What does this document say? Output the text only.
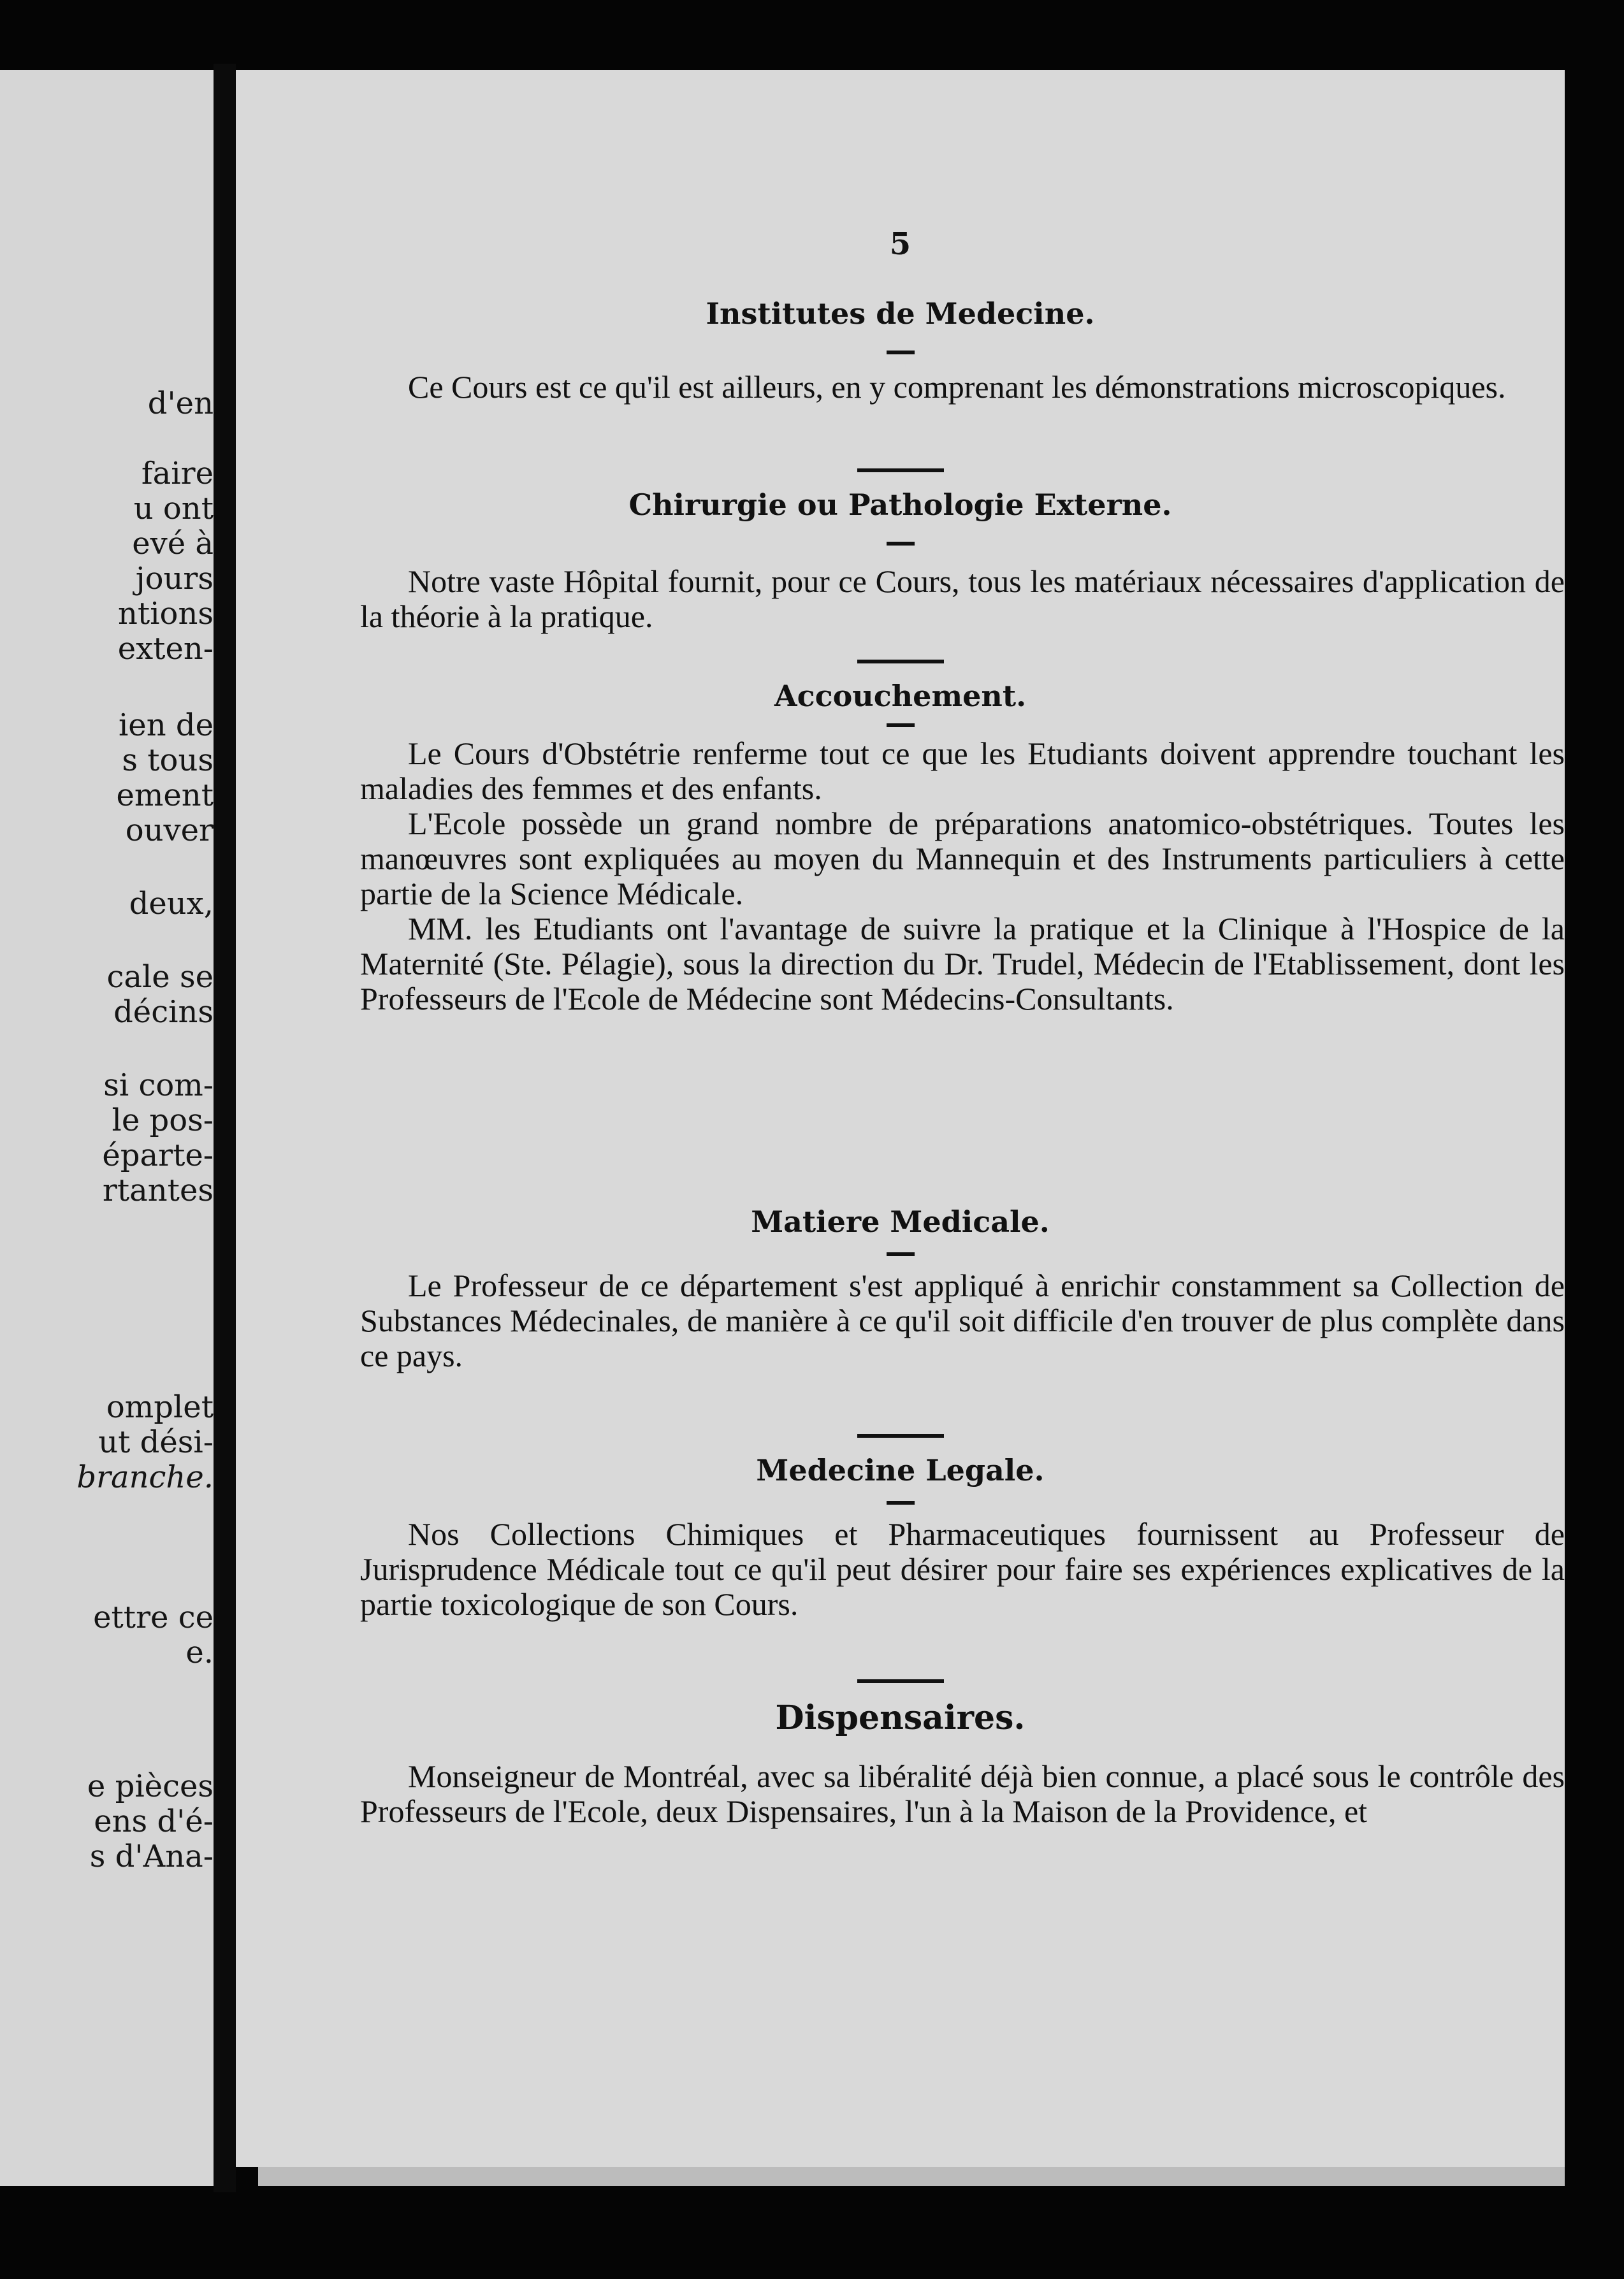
d'en
faire
u ont
evé à
jours
ntions
exten-
ien de
s tous
ement
ouver
deux,
cale se
décins
si com-
le pos-
éparte-
rtantes
omplet
ut dési-
branche.
ettre ce
e.
e pièces
ens d'é-
s d'Ana-
5
Institutes de Medecine.

Ce Cours est ce qu'il est ailleurs, en y comprenant les démonstrations microscopiques.

Chirurgie ou Pathologie Externe.

Notre vaste Hôpital fournit, pour ce Cours, tous les matériaux nécessaires d'application de la théorie à la pratique.

Accouchement.

Le Cours d'Obstétrie renferme tout ce que les Etudiants doivent apprendre touchant les maladies des femmes et des enfants.

L'Ecole possède un grand nombre de préparations anatomico-obstétriques. Toutes les manœuvres sont expliquées au moyen du Mannequin et des Instruments particuliers à cette partie de la Science Médicale.

MM. les Etudiants ont l'avantage de suivre la pratique et la Clinique à l'Hospice de la Maternité (Ste. Pélagie), sous la direction du Dr. Trudel, Médecin de l'Etablissement, dont les Professeurs de l'Ecole de Médecine sont Médecins-Consultants.

Matiere Medicale.

Le Professeur de ce département s'est appliqué à enrichir constamment sa Collection de Substances Médecinales, de manière à ce qu'il soit difficile d'en trouver de plus complète dans ce pays.

Medecine Legale.

Nos Collections Chimiques et Pharmaceutiques fournissent au Professeur de Jurisprudence Médicale tout ce qu'il peut désirer pour faire ses expériences explicatives de la partie toxicologique de son Cours.

Dispensaires.

Monseigneur de Montréal, avec sa libéralité déjà bien connue, a placé sous le contrôle des Professeurs de l'Ecole, deux Dispensaires, l'un à la Maison de la Providence, et
